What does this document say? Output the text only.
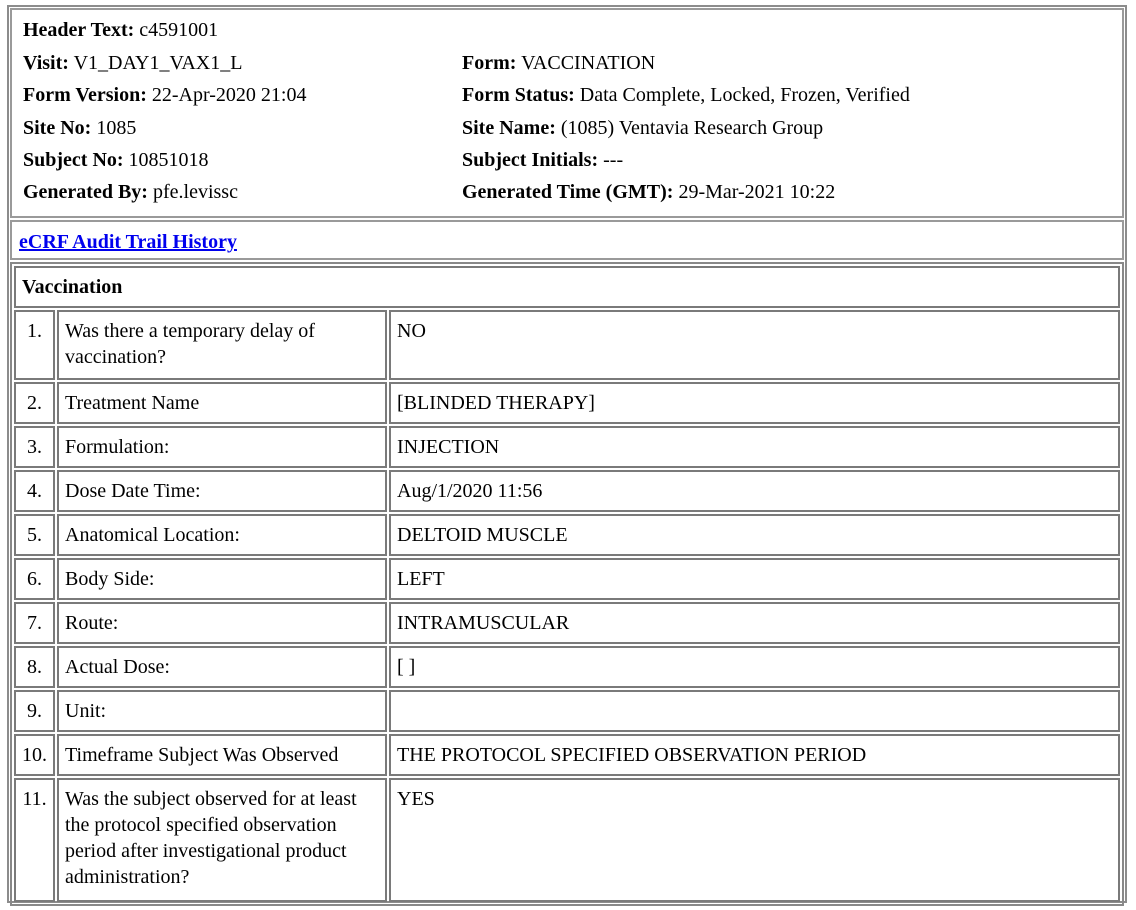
Header Text: c4591001
Visit: V1_DAY1_VAX1_L	Form: VACCINATION
Form Version: 22-Apr-2020 21:04	Form Status: Data Complete, Locked, Frozen, Verified
Site No: 1085	Site Name: (1085) Ventavia Research Group
Subject No: 10851018	Subject Initials: ---
Generated By: pfe.levissc	Generated Time (GMT): 29-Mar-2021 10:22
eCRF Audit Trail History
Vaccination		
1.	Was there a temporary delay of vaccination?	NO
2.	Treatment Name	[BLINDED THERAPY]
3.	Formulation:	INJECTION
4.	Dose Date Time:	Aug/1/2020 11:56
5.	Anatomical Location:	DELTOID MUSCLE
6.	Body Side:	LEFT
7.	Route:	INTRAMUSCULAR
8.	Actual Dose:	[ ]
9.	Unit:	
10.	Timeframe Subject Was Observed	THE PROTOCOL SPECIFIED OBSERVATION PERIOD
11.	Was the subject observed for at least the protocol specified observation period after investigational product administration?	YES
